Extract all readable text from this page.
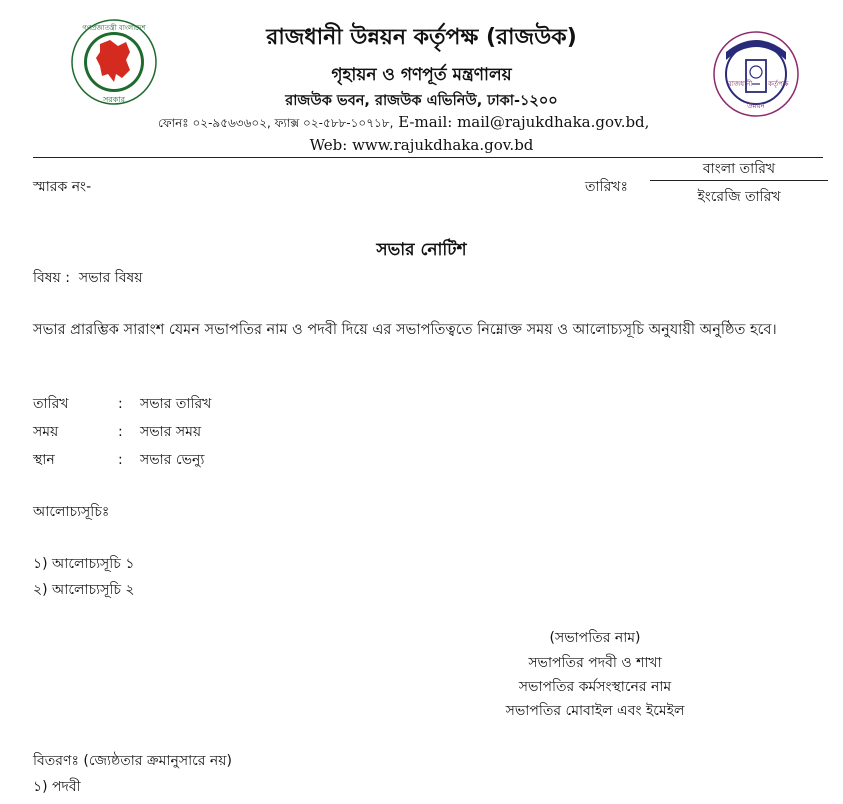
গণপ্রজাতন্ত্রী বাংলাদেশ
সরকার
রাজধানী কর্তৃপক্ষ
উন্নয়ন
রাজধানী উন্নয়ন কর্তৃপক্ষ (রাজউক)
গৃহায়ন ও গণপূর্ত মন্ত্রণালয়
রাজউক ভবন, রাজউক এভিনিউ, ঢাকা-১২০০
ফোনঃ ০২-৯৫৬৩৬০২, ফ্যাক্স ০২-৫৮৮-১০৭১৮, E-mail: mail@rajukdhaka.gov.bd,
Web: www.rajukdhaka.gov.bd
স্মারক নং-	তারিখঃ
বাংলা তারিখ
ইংরেজি তারিখ
সভার নোটিশ
বিষয় :  সভার বিষয়
সভার প্রারম্ভিক সারাংশ যেমন সভাপতির নাম ও পদবী দিয়ে এর সভাপতিত্বতে নিম্নোক্ত সময় ও আলোচ্যসূচি অনুযায়ী অনুষ্ঠিত হবে।
তারিখ	: সভার তারিখ
সময়	: সভার সময়
স্থান	: সভার ভেন্যু
আলোচ্যসূচিঃ
১) আলোচ্যসূচি ১
২) আলোচ্যসূচি ২
(সভাপতির নাম)
সভাপতির পদবী ও শাখা
সভাপতির কর্মসংস্থানের নাম
সভাপতির মোবাইল এবং ইমেইল
বিতরণঃ (জ্যেষ্ঠতার ক্রমানুসারে নয়)
১) পদবী
